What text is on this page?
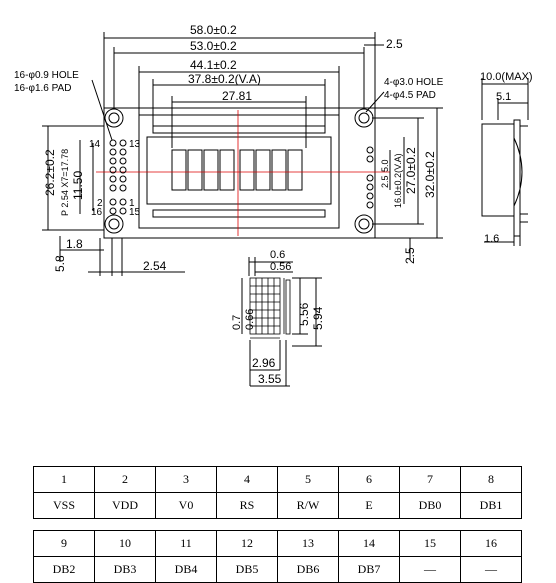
58.0±0.2
53.0±0.2	2.5
44.1±0.2
37.8±0.2(V.A)
27.81
14	13
2	1
16	15
16-φ0.9 HOLE
16-φ1.6 PAD
4-φ3.0 HOLE
4-φ4.5 PAD
26.2±0.2 P 2.54 X7=17.78 11.50
1.8
5.8	2.54
32.0±0.2
27.0±0.2
16.0±0.2(V.A)
5.0
2.5
2.5
10.0(MAX)
5.1
1.6
0.6
0.56
0.7 0.66	5.56 5.94
2.96
3.55
1	2	3	4	5	6	7	8
VSS	VDD	V0	RS	R/W	E	DB0	DB1
9	10	11	12	13	14	15	16
DB2	DB3	DB4	DB5	DB6	DB7	—	—
